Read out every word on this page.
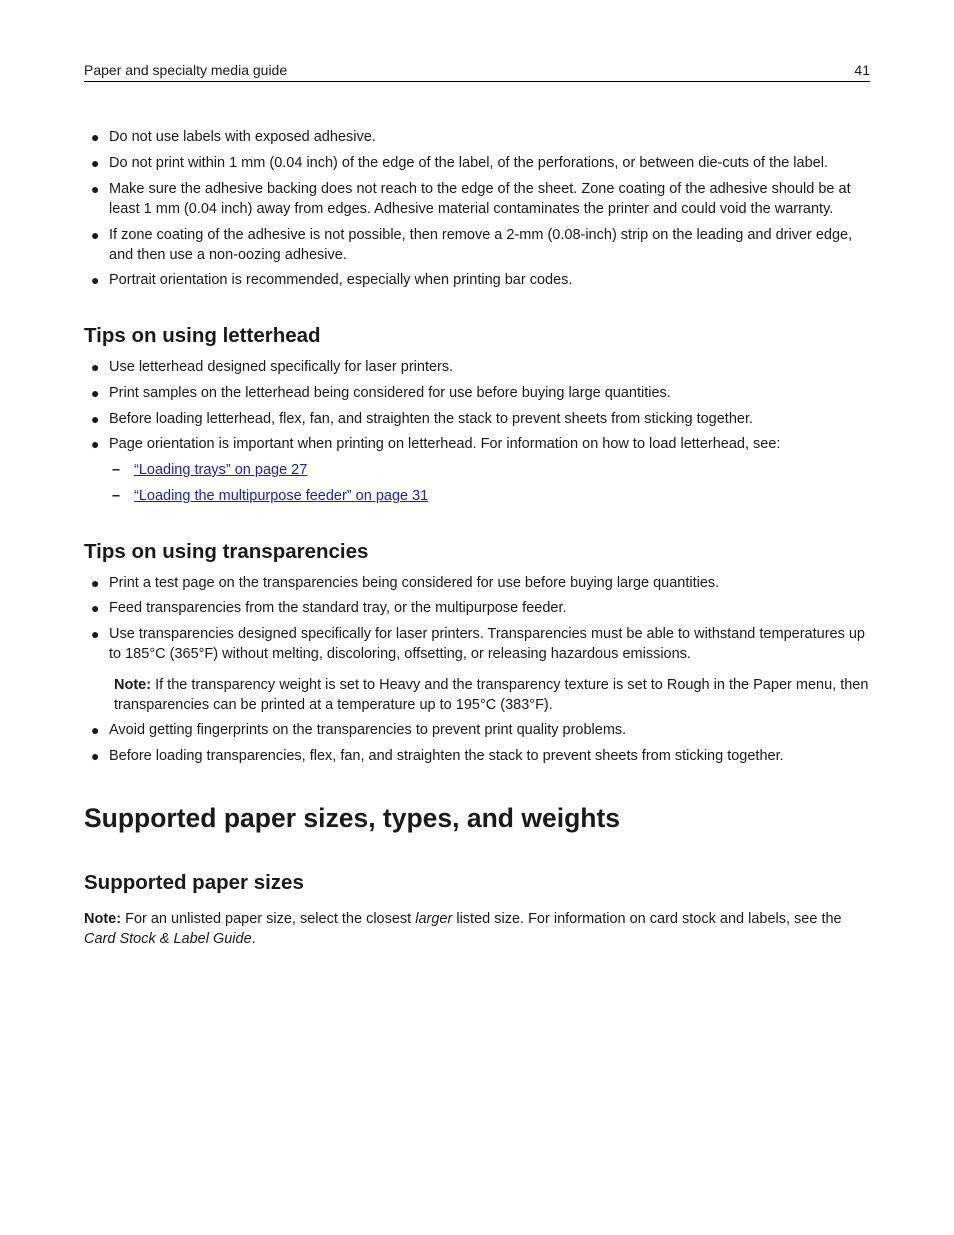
Paper and specialty media guide	41
● Do not use labels with exposed adhesive.
● Do not print within 1 mm (0.04 inch) of the edge of the label, of the perforations, or between die‑cuts of the label.
● Make sure the adhesive backing does not reach to the edge of the sheet. Zone coating of the adhesive should be at least 1 mm (0.04 inch) away from edges. Adhesive material contaminates the printer and could void the warranty.
● If zone coating of the adhesive is not possible, then remove a 2‑mm (0.08‑inch) strip on the leading and driver edge, and then use a non‑oozing adhesive.
● Portrait orientation is recommended, especially when printing bar codes.
Tips on using letterhead
● Use letterhead designed specifically for laser printers.
● Print samples on the letterhead being considered for use before buying large quantities.
● Before loading letterhead, flex, fan, and straighten the stack to prevent sheets from sticking together.
● Page orientation is important when printing on letterhead. For information on how to load letterhead, see:
– “Loading trays” on page 27
– “Loading the multipurpose feeder” on page 31
Tips on using transparencies
● Print a test page on the transparencies being considered for use before buying large quantities.
● Feed transparencies from the standard tray, or the multipurpose feeder.
● Use transparencies designed specifically for laser printers. Transparencies must be able to withstand temperatures up to 185°C (365°F) without melting, discoloring, offsetting, or releasing hazardous emissions.
Note: If the transparency weight is set to Heavy and the transparency texture is set to Rough in the Paper menu, then transparencies can be printed at a temperature up to 195°C (383°F).
● Avoid getting fingerprints on the transparencies to prevent print quality problems.
● Before loading transparencies, flex, fan, and straighten the stack to prevent sheets from sticking together.
Supported paper sizes, types, and weights
Supported paper sizes
Note: For an unlisted paper size, select the closest larger listed size. For information on card stock and labels, see the Card Stock & Label Guide.
